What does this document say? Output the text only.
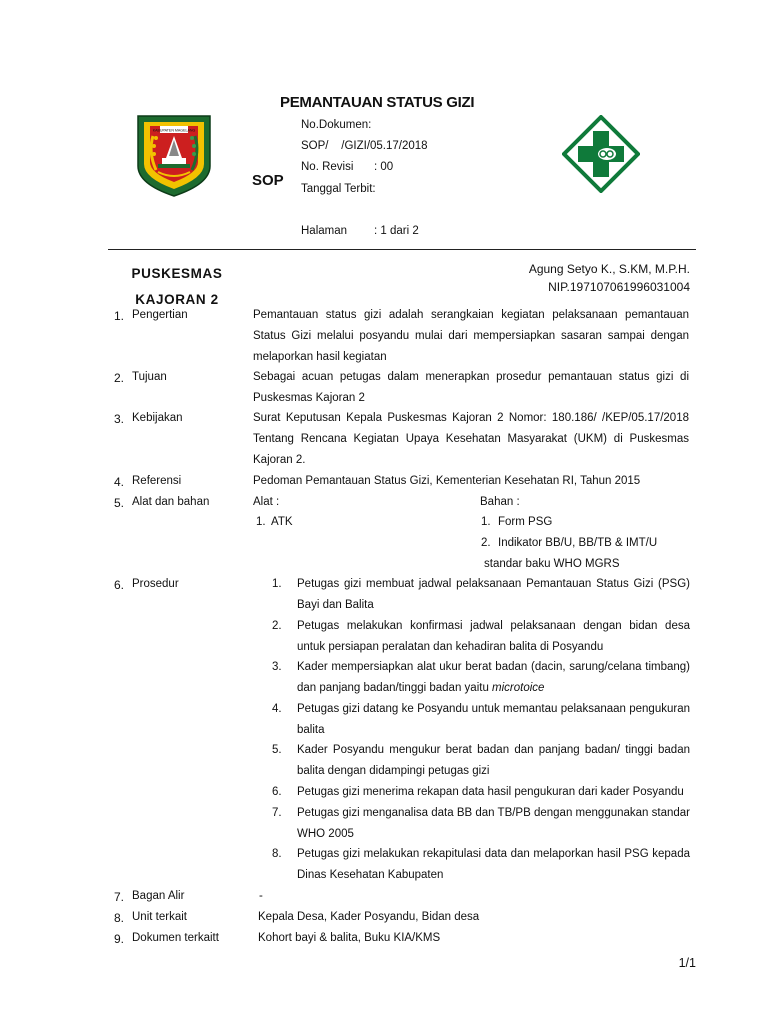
KABUPATEN MAGELANG
PEMANTAUAN STATUS GIZI
No.Dokumen:
SOP/    /GIZI/05.17/2018
No. Revisi : 00
SOP Tanggal Terbit:
Halaman : 1 dari 2
PUSKESMAS
KAJORAN 2
Agung Setyo K., S.KM, M.P.H.
NIP.197107061996031004
1. Pengertian
2. Tujuan
3. Kebijakan
4. Referensi
5. Alat dan bahan
6. Prosedur
7. Bagan Alir
8. Unit terkait
9. Dokumen terkaitt
Pemantauan status gizi adalah serangkaian kegiatan pelaksanaan pemantauan Status Gizi melalui posyandu mulai dari mempersiapkan sasaran sampai dengan melaporkan hasil kegiatan
Sebagai acuan petugas dalam menerapkan prosedur pemantauan status gizi di Puskesmas Kajoran 2
Surat Keputusan Kepala Puskesmas Kajoran 2 Nomor: 180.186/ /KEP/05.17/2018 Tentang Rencana Kegiatan Upaya Kesehatan Masyarakat (UKM) di Puskesmas Kajoran 2.
Pedoman Pemantauan Status Gizi, Kementerian Kesehatan RI, Tahun 2015
Alat :
1. ATK
Bahan :
1. Form PSG
2. Indikator BB/U, BB/TB & IMT/U
standar baku WHO MGRS
1. Petugas gizi membuat jadwal pelaksanaan Pemantauan Status Gizi (PSG) Bayi dan Balita
2. Petugas melakukan konfirmasi jadwal pelaksanaan dengan bidan desa untuk persiapan peralatan dan kehadiran balita di Posyandu
3. Kader mempersiapkan alat ukur berat badan (dacin, sarung/celana timbang) dan panjang badan/tinggi badan yaitu microtoice
4. Petugas gizi datang ke Posyandu untuk memantau pelaksanaan pengukuran balita
5. Kader Posyandu mengukur berat badan dan panjang badan/ tinggi badan balita dengan didampingi petugas gizi
6. Petugas gizi menerima rekapan data hasil pengukuran dari kader Posyandu
7. Petugas gizi menganalisa data BB dan TB/PB dengan menggunakan standar WHO 2005
8. Petugas gizi melakukan rekapitulasi data dan melaporkan hasil PSG kepada Dinas Kesehatan Kabupaten
-
Kepala Desa, Kader Posyandu, Bidan desa
Kohort bayi & balita, Buku KIA/KMS
1/1
